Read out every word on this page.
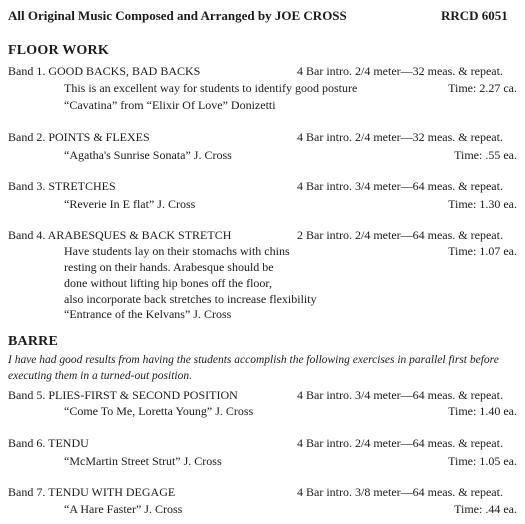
All Original Music Composed and Arranged by JOE CROSS	RRCD 6051
FLOOR WORK
Band 1. GOOD BACKS, BAD BACKS	4 Bar intro. 2/4 meter—32 meas. & repeat.
This is an excellent way for students to identify good posture	Time: 2.27 ca.
“Cavatina” from “Elixir Of Love” Donizetti
Band 2. POINTS & FLEXES	4 Bar intro. 2/4 meter—32 meas. & repeat.
“Agatha's Sunrise Sonata” J. Cross	Time: .55 ea.
Band 3. STRETCHES	4 Bar intro. 3/4 meter—64 meas. & repeat.
“Reverie In E flat” J. Cross	Time: 1.30 ea.
Band 4. ARABESQUES & BACK STRETCH	2 Bar intro. 2/4 meter—64 meas. & repeat.
Have students lay on their stomachs with chins	Time: 1.07 ea.
resting on their hands. Arabesque should be
done without lifting hip bones off the floor,
also incorporate back stretches to increase flexibility
“Entrance of the Kelvans” J. Cross
BARRE
I have had good results from having the students accomplish the following exercises in parallel first before
executing them in a turned-out position.
Band 5. PLIES-FIRST & SECOND POSITION	4 Bar intro. 3/4 meter—64 meas. & repeat.
“Come To Me, Loretta Young” J. Cross	Time: 1.40 ea.
Band 6. TENDU	4 Bar intro. 2/4 meter—64 meas. & repeat.
“McMartin Street Strut” J. Cross	Time: 1.05 ea.
Band 7. TENDU WITH DEGAGE	4 Bar intro. 3/8 meter—64 meas. & repeat.
“A Hare Faster” J. Cross	Time: .44 ea.
